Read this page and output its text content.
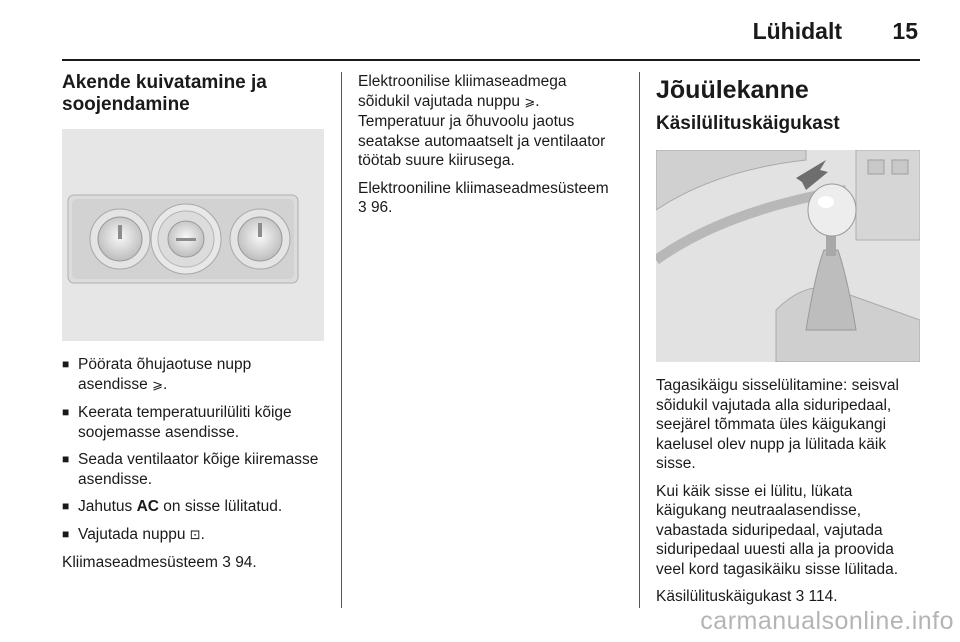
Lühidalt 15
Akende kuivatamine ja
soojendamine
■ Pöörata õhujaotuse nupp
asendisse ⩾.
■ Keerata temperatuurilüliti kõige
soojemasse asendisse.
■ Seada ventilaator kõige kiiremasse
asendisse.
■ Jahutus AC on sisse lülitatud.
■ Vajutada nuppu ⊡.

Kliimaseadmesüsteem 3 94.

Elektroonilise kliimaseadmega
sõidukil vajutada nuppu ⩾.
Temperatuur ja õhuvoolu jaotus
seatakse automaatselt ja ventilaator
töötab suure kiirusega.

Elektrooniline kliimaseadmesüsteem
3 96.

Jõuülekanne
Käsilülituskäigukast

Tagasikäigu sisselülitamine: seisval
sõidukil vajutada alla siduripedaal,
seejärel tõmmata üles käigukangi
kaelusel olev nupp ja lülitada käik
sisse.

Kui käik sisse ei lülitu, lükata
käigukang neutraalasendisse,
vabastada siduripedaal, vajutada
siduripedaal uuesti alla ja proovida
veel kord tagasikäiku sisse lülitada.

Käsilülituskäigukast 3 114.

carmanualsonline.info
